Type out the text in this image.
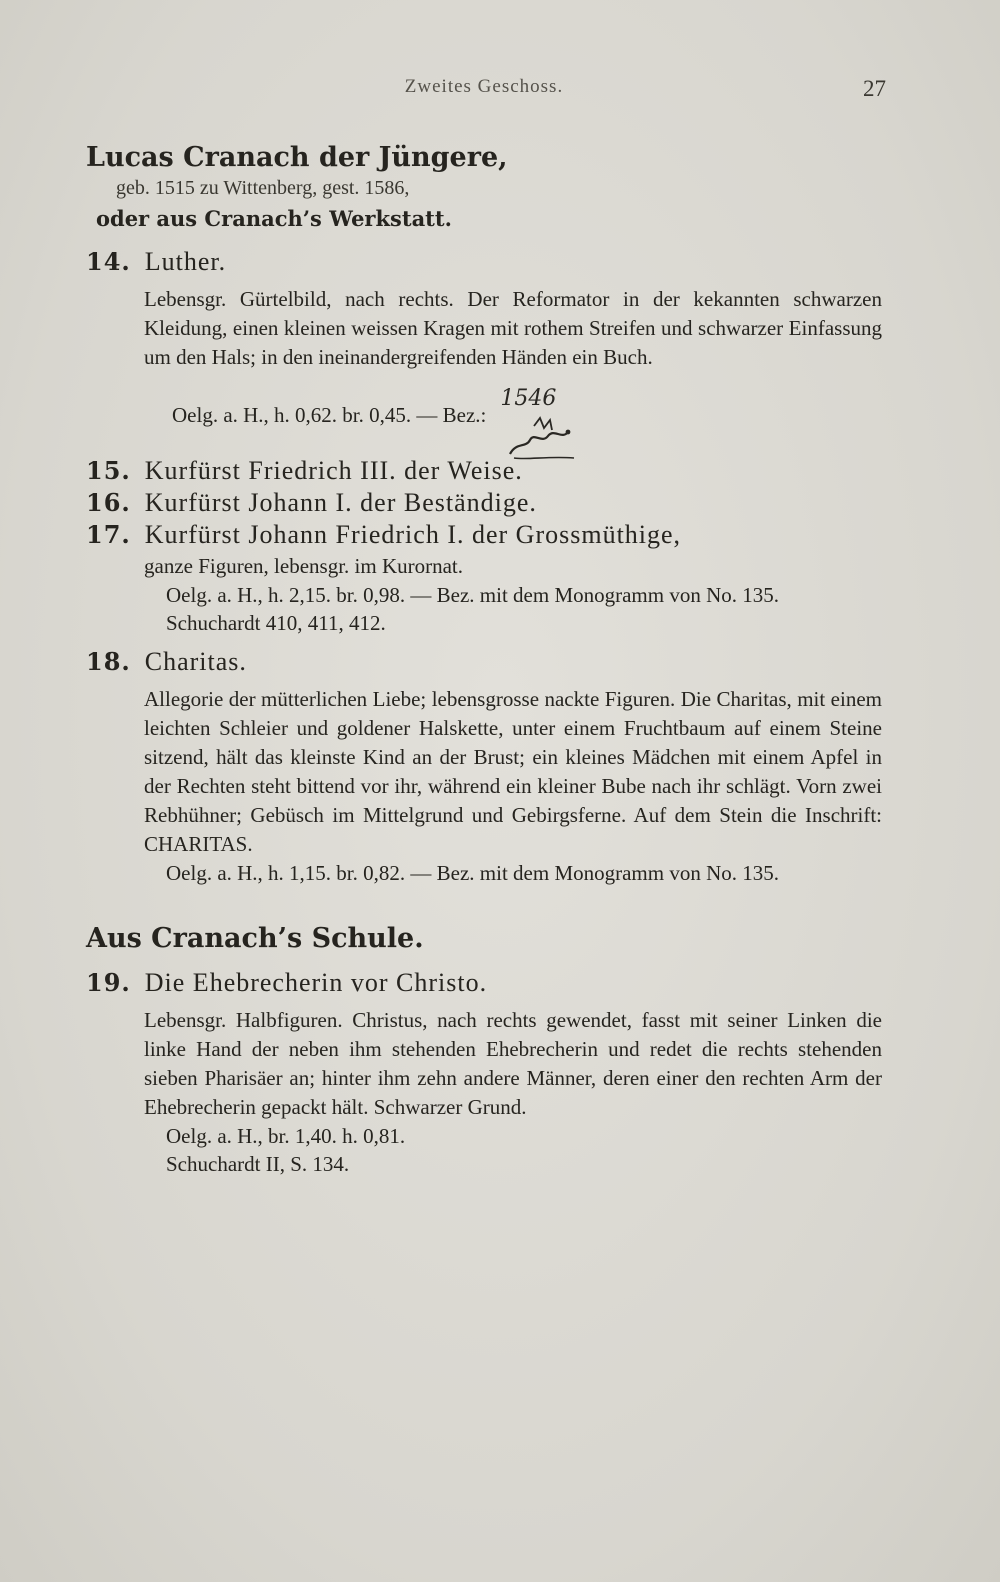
Zweites Geschoss.	27
Lucas Cranach der Jüngere,
geb. 1515 zu Wittenberg, gest. 1586,
oder aus Cranach’s Werkstatt.
14. Luther.

Lebensgr. Gürtelbild, nach rechts. Der Reformator in der kekannten schwarzen Kleidung, einen kleinen weissen Kragen mit rothem Streifen und schwarzer Einfassung um den Hals; in den ineinandergreifenden Händen ein Buch.

Oelg. a. H., h. 0,62. br. 0,45. — Bez.:
1546
15. Kurfürst Friedrich III. der Weise.
16. Kurfürst Johann I. der Beständige.
17. Kurfürst Johann Friedrich I. der Grossmüthige,

ganze Figuren, lebensgr. im Kurornat.

Oelg. a. H., h. 2,15. br. 0,98. — Bez. mit dem Monogramm von No. 135.
Schuchardt 410, 411, 412.
18. Charitas.

Allegorie der mütterlichen Liebe; lebensgrosse nackte Figuren. Die Charitas, mit einem leichten Schleier und goldener Halskette, unter einem Fruchtbaum auf einem Steine sitzend, hält das kleinste Kind an der Brust; ein kleines Mädchen mit einem Apfel in der Rechten steht bittend vor ihr, während ein kleiner Bube nach ihr schlägt. Vorn zwei Rebhühner; Gebüsch im Mittelgrund und Gebirgsferne. Auf dem Stein die Inschrift: CHARITAS.

Oelg. a. H., h. 1,15. br. 0,82. — Bez. mit dem Monogramm von No. 135.
Aus Cranach’s Schule.
19. Die Ehebrecherin vor Christo.

Lebensgr. Halbfiguren. Christus, nach rechts gewendet, fasst mit seiner Linken die linke Hand der neben ihm stehenden Ehebrecherin und redet die rechts stehenden sieben Pharisäer an; hinter ihm zehn andere Männer, deren einer den rechten Arm der Ehebrecherin gepackt hält. Schwarzer Grund.

Oelg. a. H., br. 1,40. h. 0,81.
Schuchardt II, S. 134.
